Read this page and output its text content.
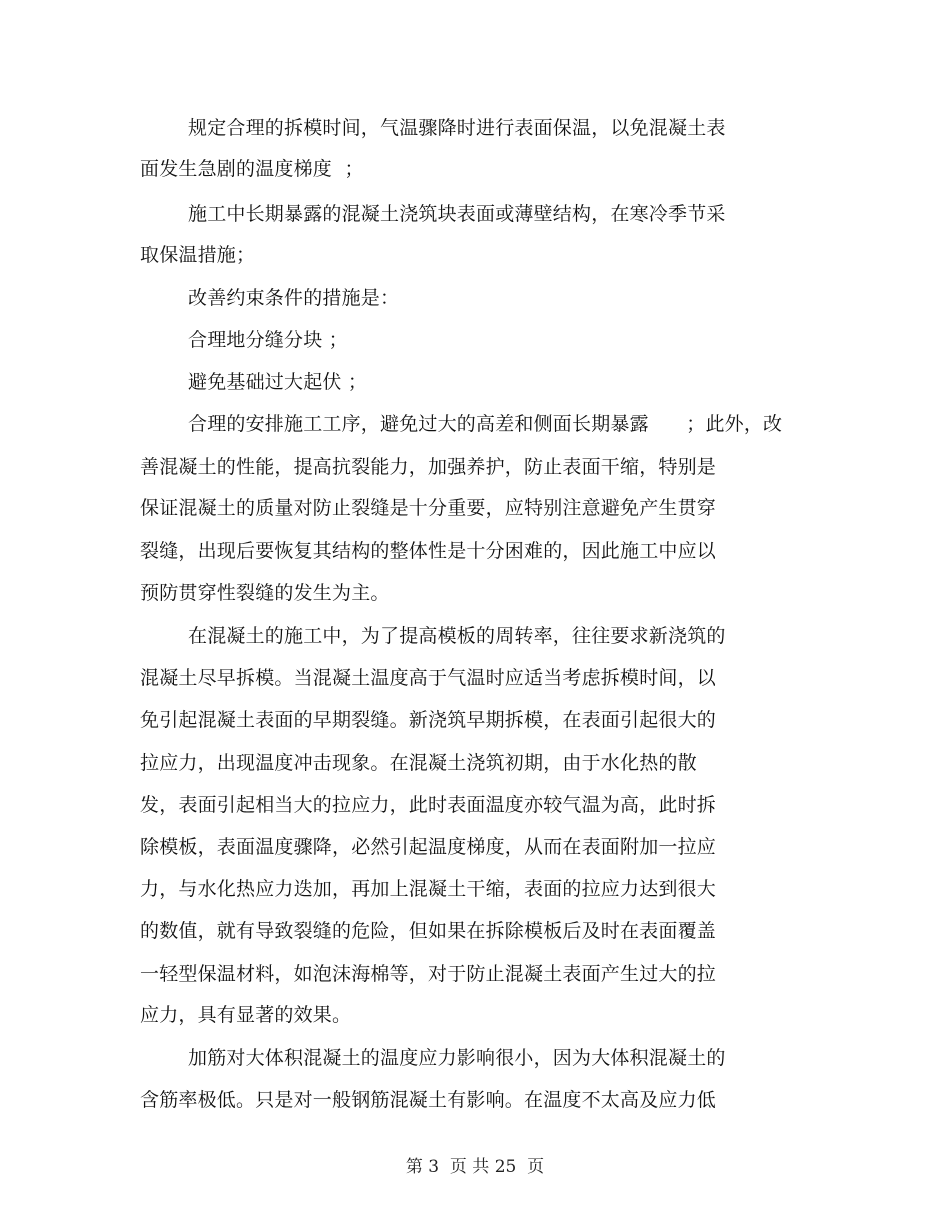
规定合理的拆模时间，气温骤降时进行表面保温，以免混凝土表
面发生急剧的温度梯度  ；
施工中长期暴露的混凝土浇筑块表面或薄壁结构，在寒冷季节采
取保温措施；
改善约束条件的措施是：
合理地分缝分块 ；
避免基础过大起伏 ；
合理的安排施工工序，避免过大的高差和侧面长期暴露      ；此外，改
善混凝土的性能，提高抗裂能力，加强养护，防止表面干缩，特别是
保证混凝土的质量对防止裂缝是十分重要，应特别注意避免产生贯穿
裂缝，出现后要恢复其结构的整体性是十分困难的，因此施工中应以
预防贯穿性裂缝的发生为主。
在混凝土的施工中，为了提高模板的周转率，往往要求新浇筑的
混凝土尽早拆模。当混凝土温度高于气温时应适当考虑拆模时间，以
免引起混凝土表面的早期裂缝。新浇筑早期拆模，在表面引起很大的
拉应力，出现温度冲击现象。在混凝土浇筑初期，由于水化热的散
发，表面引起相当大的拉应力，此时表面温度亦较气温为高，此时拆
除模板，表面温度骤降，必然引起温度梯度，从而在表面附加一拉应
力，与水化热应力迭加，再加上混凝土干缩，表面的拉应力达到很大
的数值，就有导致裂缝的危险，但如果在拆除模板后及时在表面覆盖
一轻型保温材料，如泡沫海棉等，对于防止混凝土表面产生过大的拉
应力，具有显著的效果。
加筋对大体积混凝土的温度应力影响很小，因为大体积混凝土的
含筋率极低。只是对一般钢筋混凝土有影响。在温度不太高及应力低
第 3  页 共 25  页
